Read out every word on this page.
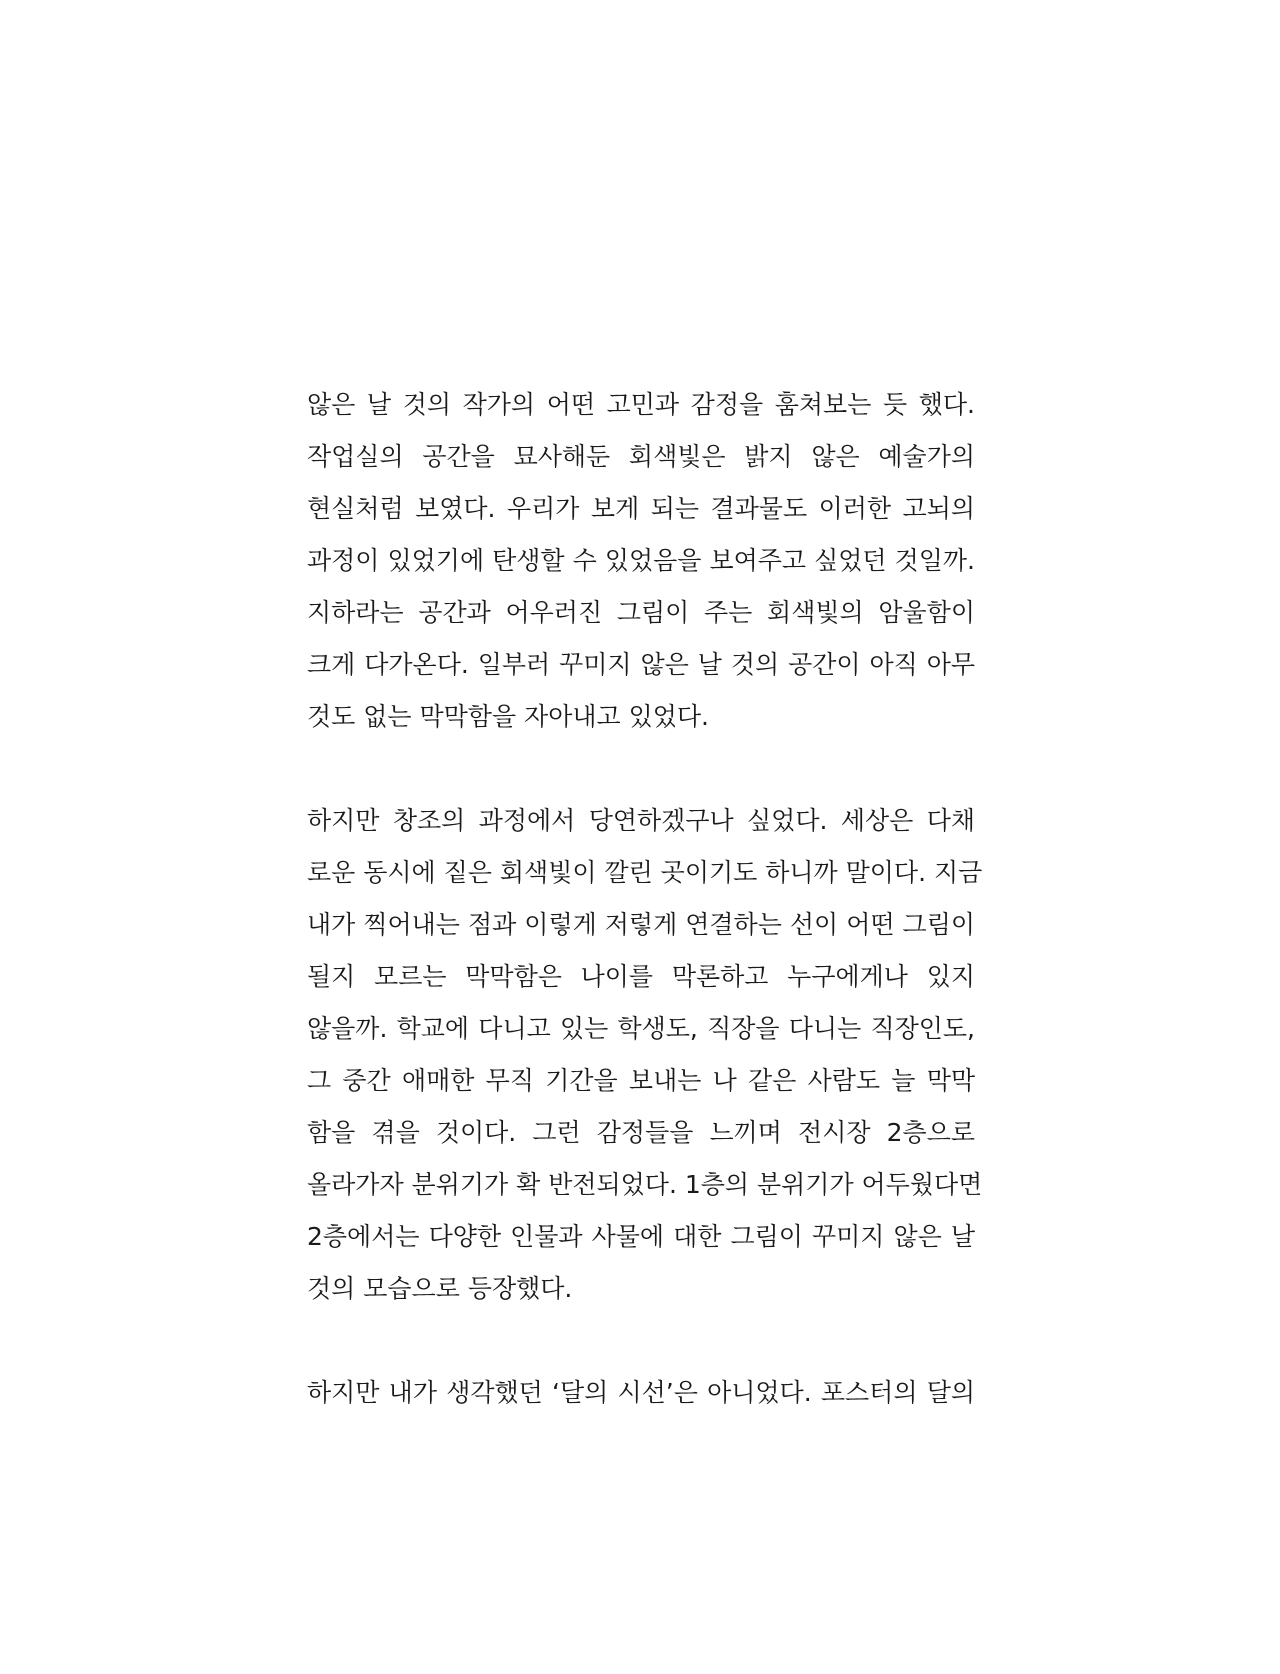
않은 날 것의 작가의 어떤 고민과 감정을 훔쳐보는 듯 했다.
작업실의 공간을 묘사해둔 회색빛은 밝지 않은 예술가의
현실처럼 보였다. 우리가 보게 되는 결과물도 이러한 고뇌의
과정이 있었기에 탄생할 수 있었음을 보여주고 싶었던 것일까.
지하라는 공간과 어우러진 그림이 주는 회색빛의 암울함이
크게 다가온다. 일부러 꾸미지 않은 날 것의 공간이 아직 아무
것도 없는 막막함을 자아내고 있었다.
하지만 창조의 과정에서 당연하겠구나 싶었다. 세상은 다채
로운 동시에 짙은 회색빛이 깔린 곳이기도 하니까 말이다. 지금
내가 찍어내는 점과 이렇게 저렇게 연결하는 선이 어떤 그림이
될지 모르는 막막함은 나이를 막론하고 누구에게나 있지
않을까. 학교에 다니고 있는 학생도, 직장을 다니는 직장인도,
그 중간 애매한 무직 기간을 보내는 나 같은 사람도 늘 막막
함을 겪을 것이다. 그런 감정들을 느끼며 전시장 2층으로
올라가자 분위기가 확 반전되었다. 1층의 분위기가 어두웠다면
2층에서는 다양한 인물과 사물에 대한 그림이 꾸미지 않은 날
것의 모습으로 등장했다.
하지만 내가 생각했던 ‘달의 시선’은 아니었다. 포스터의 달의
